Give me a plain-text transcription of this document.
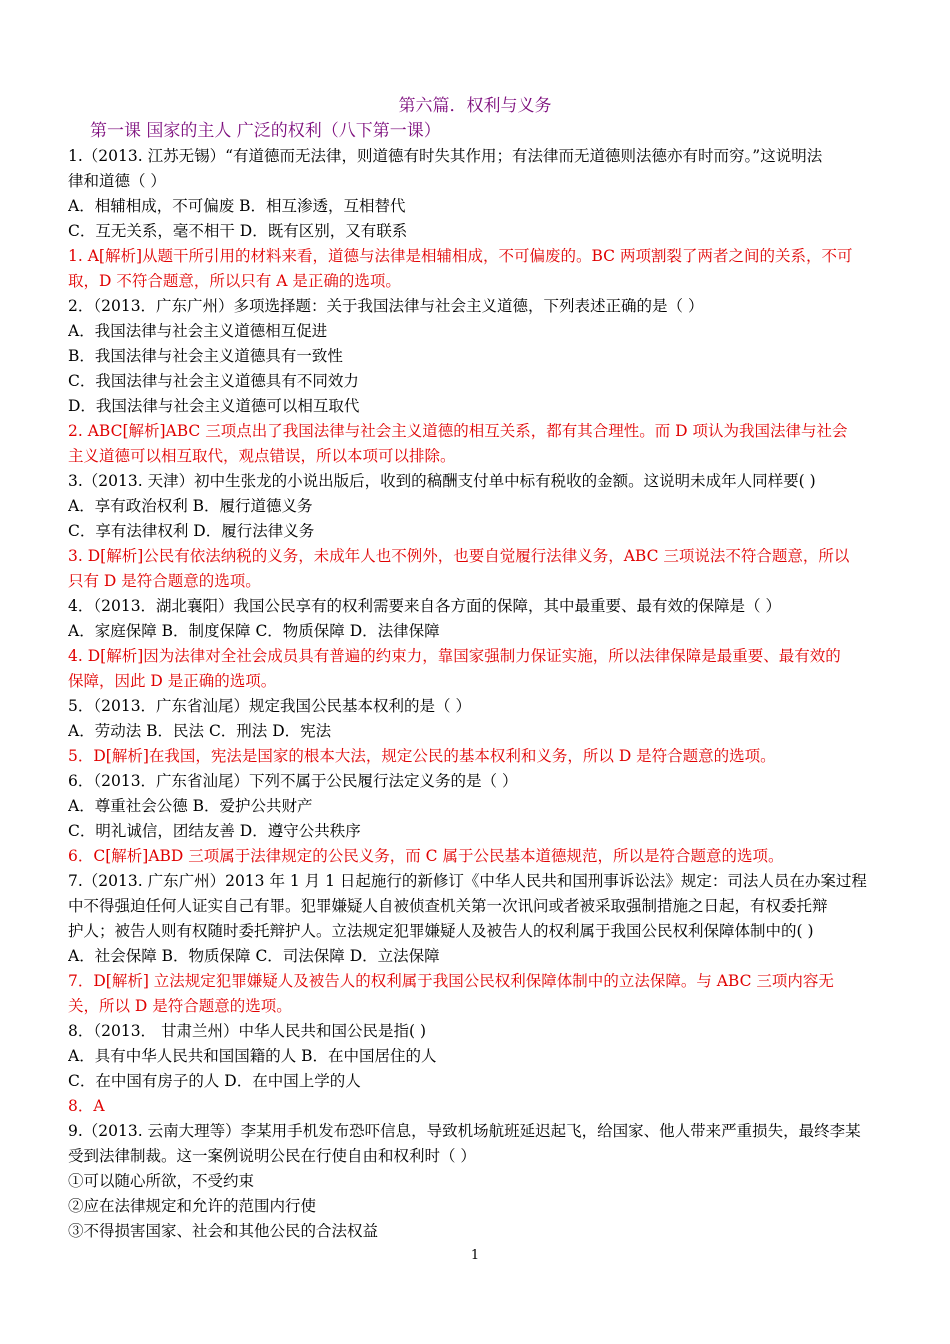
第六篇．权利与义务
第一课 国家的主人 广泛的权利（八下第一课）
1.（2013. 江苏无锡）“有道德而无法律，则道德有时失其作用；有法律而无道德则法德亦有时而穷。”这说明法
律和道德（ ）
A．相辅相成，不可偏废 B．相互渗透，互相替代
C．互无关系，毫不相干 D．既有区别，又有联系
1. A[解析]从题干所引用的材料来看，道德与法律是相辅相成，不可偏废的。BC 两项割裂了两者之间的关系，不可
取，D 不符合题意，所以只有 A 是正确的选项。
2．（2013．广东广州）多项选择题：关于我国法律与社会主义道德，下列表述正确的是（ ）
A．我国法律与社会主义道德相互促进
B．我国法律与社会主义道德具有一致性
C．我国法律与社会主义道德具有不同效力
D．我国法律与社会主义道德可以相互取代
2. ABC[解析]ABC 三项点出了我国法律与社会主义道德的相互关系，都有其合理性。而 D 项认为我国法律与社会
主义道德可以相互取代，观点错误，所以本项可以排除。
3.（2013. 天津）初中生张龙的小说出版后，收到的稿酬支付单中标有税收的金额。这说明未成年人同样要( )
A．享有政治权利 B．履行道德义务
C．享有法律权利 D．履行法律义务
3. D[解析]公民有依法纳税的义务，未成年人也不例外，也要自觉履行法律义务，ABC 三项说法不符合题意，所以
只有 D 是符合题意的选项。
4．（2013．湖北襄阳）我国公民享有的权利需要来自各方面的保障，其中最重要、最有效的保障是（ ）
A．家庭保障 B．制度保障 C．物质保障 D．法律保障
4. D[解析]因为法律对全社会成员具有普遍的约束力，靠国家强制力保证实施，所以法律保障是最重要、最有效的
保障，因此 D 是正确的选项。
5．（2013．广东省汕尾）规定我国公民基本权利的是（ ）
A．劳动法 B．民法 C．刑法 D．宪法
5．D[解析]在我国，宪法是国家的根本大法，规定公民的基本权利和义务，所以 D 是符合题意的选项。
6．（2013．广东省汕尾）下列不属于公民履行法定义务的是（ ）
A．尊重社会公德 B．爱护公共财产
C．明礼诚信，团结友善 D．遵守公共秩序
6．C[解析]ABD 三项属于法律规定的公民义务，而 C 属于公民基本道德规范，所以是符合题意的选项。
7.（2013. 广东广州）2013 年 1 月 1 日起施行的新修订《中华人民共和国刑事诉讼法》规定：司法人员在办案过程
中不得强迫任何人证实自己有罪。犯罪嫌疑人自被侦查机关第一次讯问或者被采取强制措施之日起，有权委托辩
护人；被告人则有权随时委托辩护人。立法规定犯罪嫌疑人及被告人的权利属于我国公民权利保障体制中的( )
A．社会保障 B．物质保障 C．司法保障 D．立法保障
7．D[解析] 立法规定犯罪嫌疑人及被告人的权利属于我国公民权利保障体制中的立法保障。与 ABC 三项内容无
关，所以 D 是符合题意的选项。
8．（2013． 甘肃兰州）中华人民共和国公民是指( )
A．具有中华人民共和国国籍的人 B．在中国居住的人
C．在中国有房子的人 D．在中国上学的人
8．A
9.（2013. 云南大理等）李某用手机发布恐吓信息，导致机场航班延迟起飞，给国家、他人带来严重损失，最终李某
受到法律制裁。这一案例说明公民在行使自由和权利时（ ）
①可以随心所欲，不受约束
②应在法律规定和允许的范围内行使
③不得损害国家、社会和其他公民的合法权益
1
